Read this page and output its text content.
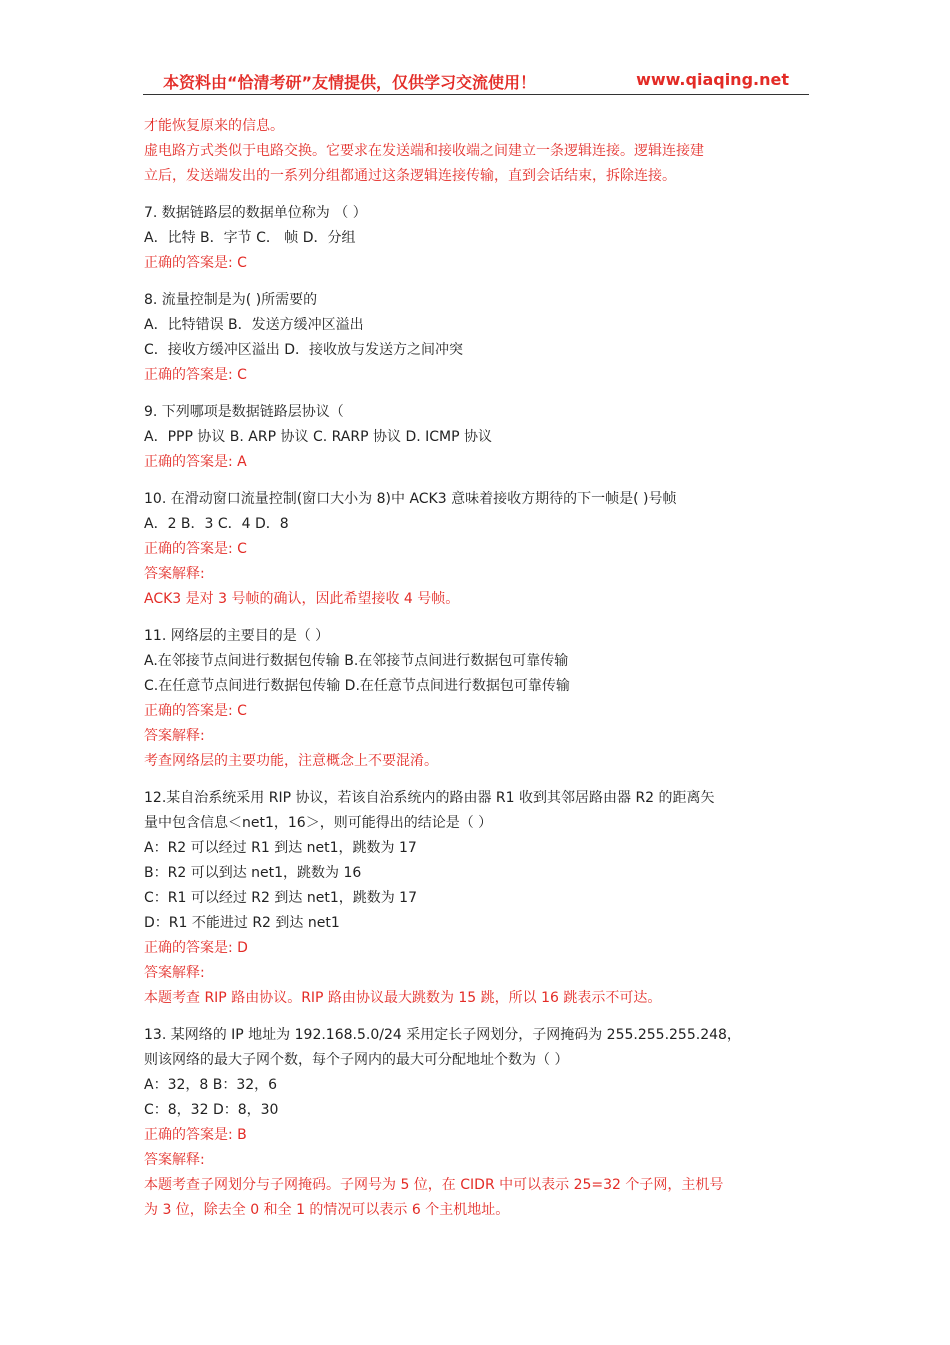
本资料由“恰清考研”友情提供，仅供学习交流使用！	www.qiaqing.net
才能恢复原来的信息。
虚电路方式类似于电路交换。它要求在发送端和接收端之间建立一条逻辑连接。逻辑连接建
立后，发送端发出的一系列分组都通过这条逻辑连接传输，直到会话结束，拆除连接。
7. 数据链路层的数据单位称为 （ ）
A．比特 B．字节 C． 帧 D．分组
正确的答案是: C
8. 流量控制是为( )所需要的
A．比特错误 B．发送方缓冲区溢出
C．接收方缓冲区溢出 D．接收放与发送方之间冲突
正确的答案是: C
9. 下列哪项是数据链路层协议（
A．PPP 协议 B. ARP 协议 C. RARP 协议 D. ICMP 协议
正确的答案是: A
10. 在滑动窗口流量控制(窗口大小为 8)中 ACK3 意味着接收方期待的下一帧是( )号帧
A．2 B．3 C．4 D．8
正确的答案是: C
答案解释:
ACK3 是对 3 号帧的确认，因此希望接收 4 号帧。
11. 网络层的主要目的是（ ）
A.在邻接节点间进行数据包传输 B.在邻接节点间进行数据包可靠传输
C.在任意节点间进行数据包传输 D.在任意节点间进行数据包可靠传输
正确的答案是: C
答案解释:
考查网络层的主要功能，注意概念上不要混淆。
12.某自治系统采用 RIP 协议，若该自治系统内的路由器 R1 收到其邻居路由器 R2 的距离矢
量中包含信息＜net1，16＞，则可能得出的结论是（ ）
A：R2 可以经过 R1 到达 net1，跳数为 17
B：R2 可以到达 net1，跳数为 16
C：R1 可以经过 R2 到达 net1，跳数为 17
D：R1 不能进过 R2 到达 net1
正确的答案是: D
答案解释:
本题考查 RIP 路由协议。RIP 路由协议最大跳数为 15 跳，所以 16 跳表示不可达。
13. 某网络的 IP 地址为 192.168.5.0/24 采用定长子网划分，子网掩码为 255.255.255.248，
则该网络的最大子网个数，每个子网内的最大可分配地址个数为（ ）
A：32，8 B：32，6
C：8，32 D：8，30
正确的答案是: B
答案解释:
本题考查子网划分与子网掩码。子网号为 5 位，在 CIDR 中可以表示 25=32 个子网，主机号
为 3 位，除去全 0 和全 1 的情况可以表示 6 个主机地址。
